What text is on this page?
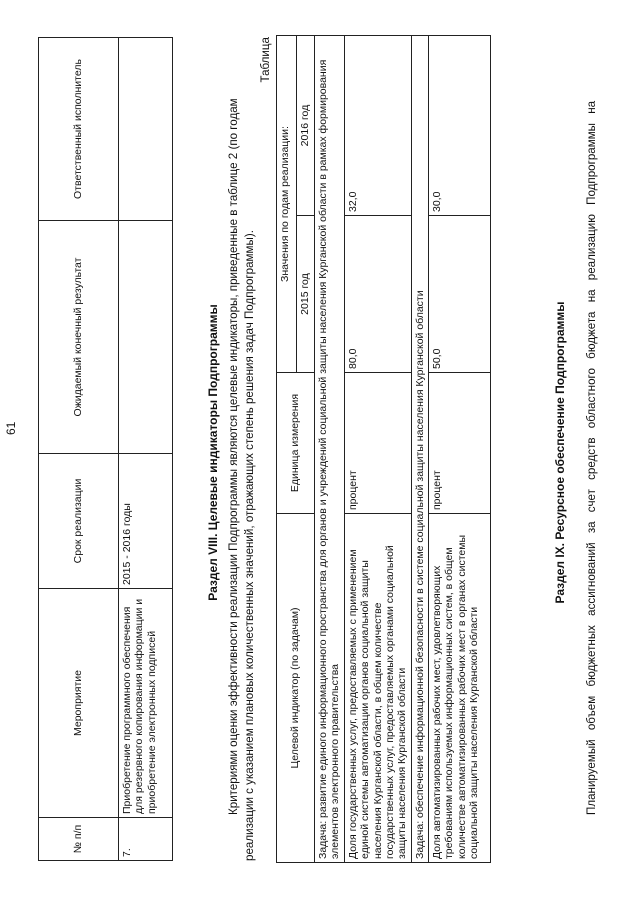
№ п/п	Мероприятие	Срок реализации	Ожидаемый конечный результат	Ответственный исполнитель
7.	Приобретение программного обеспечения для резервного копирования информации и приобретение электронных подписей	2015 - 2016 годы		
61	Раздел VIII. Целевые индикаторы Подпрограммы Критериями оценки эффективности реализации Подпрограммы являются целевые индикаторы, приведенные в таблице 2 (по годам реализации с указанием плановых количественных значений, отражающих степень решения задач Подпрограммы).
Таблица
Целевой индикатор (по задачам)	Единица измерения	Значения по годам реализации:	
		2015 год	2016 год
Задача: развитие единого информационного пространства для органов и учреждений социальной защиты населения Курганской области в рамках формирования элементов электронного правительства			
Доля государственных услуг, предоставляемых с применением единой системы автоматизации органов социальной защиты населения Курганской области, в общем количестве государственных услуг, предоставляемых органами социальной защиты населения Курганской области	процент	80,0	32,0
Задача: обеспечение информационной безопасности в системе социальной защиты населения Курганской области			
Доля автоматизированных рабочих мест, удовлетворяющих требованиям используемых информационных систем, в общем количестве автоматизированных рабочих мест в органах системы социальной защиты населения Курганской области	процент	50,0	30,0
Раздел IX. Ресурсное обеспечение Подпрограммы Планируемый объем бюджетных ассигнований за счет средств областного бюджета на реализацию Подпрограммы на
